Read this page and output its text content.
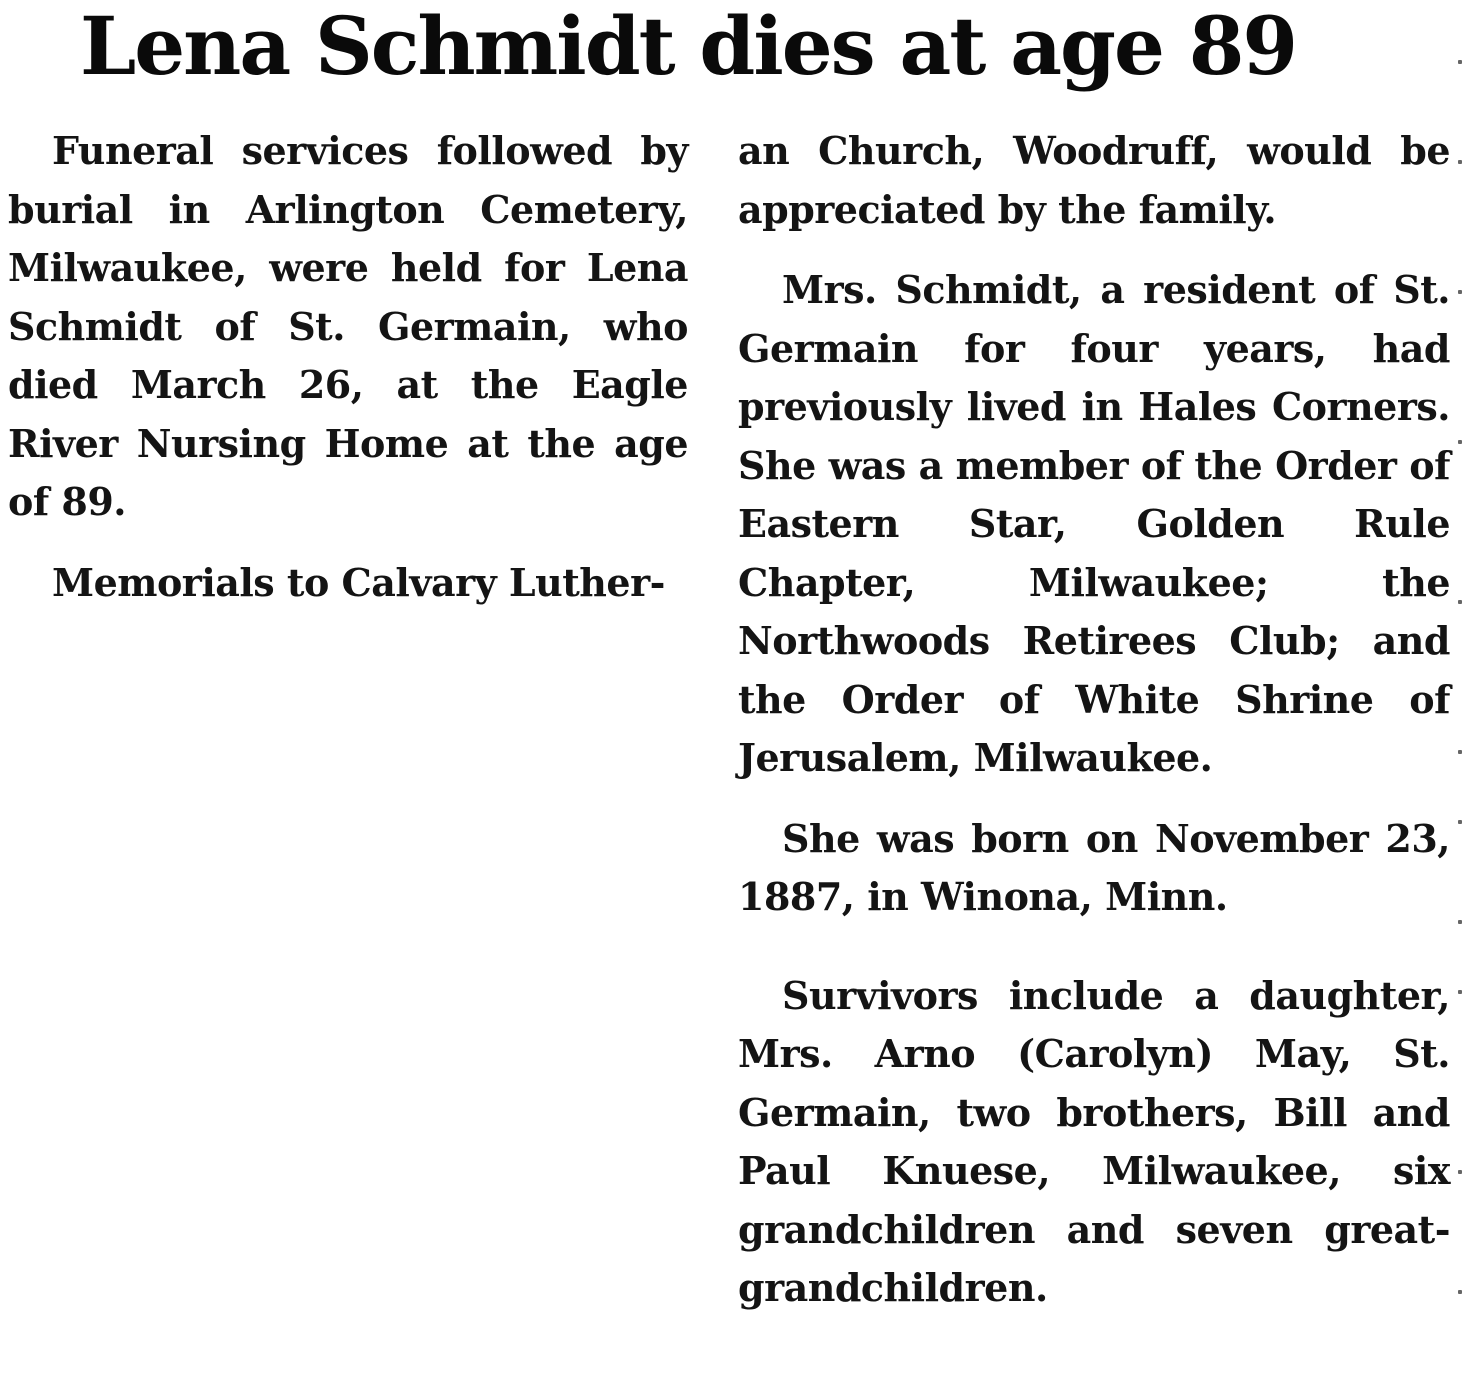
Lena Schmidt dies at age 89

Funeral services followed by burial in Arlington Cemetery, Milwaukee, were held for Lena Schmidt of St. Germain, who died March 26, at the Eagle River Nursing Home at the age of 89.

Memorials to Calvary Luther-

an Church, Woodruff, would be appreciated by the family.

Mrs. Schmidt, a resident of St. Germain for four years, had previously lived in Hales Corners. She was a member of the Order of Eastern Star, Golden Rule Chapter, Milwaukee; the Northwoods Retirees Club; and the Order of White Shrine of Jerusalem, Milwaukee.

She was born on November 23, 1887, in Winona, Minn.

Survivors include a daughter, Mrs. Arno (Carolyn) May, St. Germain, two brothers, Bill and Paul Knuese, Milwaukee, six grandchildren and seven great-grandchildren.
